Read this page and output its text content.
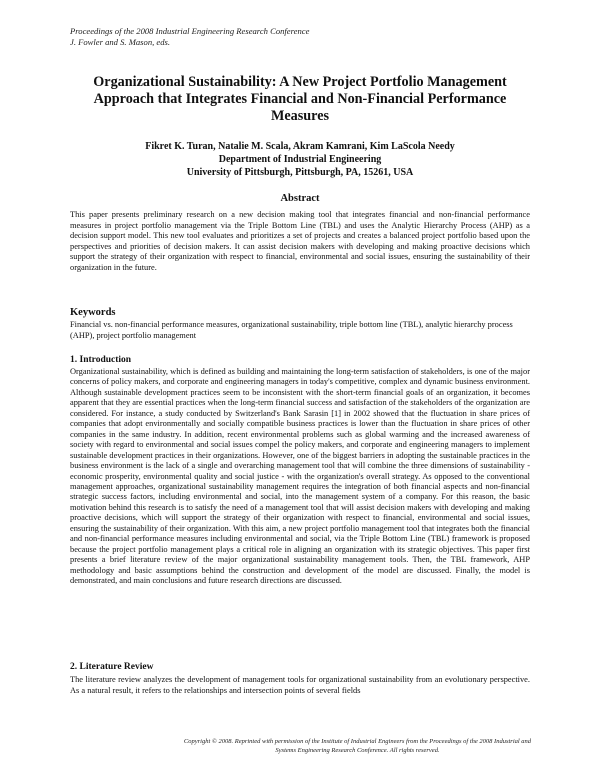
Proceedings of the 2008 Industrial Engineering Research Conference
J. Fowler and S. Mason, eds.
Organizational Sustainability: A New Project Portfolio Management Approach that Integrates Financial and Non-Financial Performance Measures
Fikret K. Turan, Natalie M. Scala, Akram Kamrani, Kim LaScola Needy
Department of Industrial Engineering
University of Pittsburgh, Pittsburgh, PA, 15261, USA
Abstract

This paper presents preliminary research on a new decision making tool that integrates financial and non-financial performance measures in project portfolio management via the Triple Bottom Line (TBL) and uses the Analytic Hierarchy Process (AHP) as a decision support model. This new tool evaluates and prioritizes a set of projects and creates a balanced project portfolio based upon the perspectives and priorities of decision makers. It can assist decision makers with developing and making proactive decisions which support the strategy of their organization with respect to financial, environmental and social issues, ensuring the sustainability of their organization in the future.

Keywords

Financial vs. non-financial performance measures, organizational sustainability, triple bottom line (TBL), analytic hierarchy process (AHP), project portfolio management

1. Introduction

Organizational sustainability, which is defined as building and maintaining the long-term satisfaction of stakeholders, is one of the major concerns of policy makers, and corporate and engineering managers in today's competitive, complex and dynamic business environment. Although sustainable development practices seem to be inconsistent with the short-term financial goals of an organization, it becomes apparent that they are essential practices when the long-term financial success and satisfaction of the stakeholders of the organization are considered. For instance, a study conducted by Switzerland's Bank Sarasin [1] in 2002 showed that the fluctuation in share prices of companies that adopt environmentally and socially compatible business practices is lower than the fluctuation in share prices of other companies in the same industry. In addition, recent environmental problems such as global warming and the increased awareness of society with regard to environmental and social issues compel the policy makers, and corporate and engineering managers to implement sustainable development practices in their organizations. However, one of the biggest barriers in adopting the sustainable practices in the business environment is the lack of a single and overarching management tool that will combine the three dimensions of sustainability - economic prosperity, environmental quality and social justice - with the organization's overall strategy. As opposed to the conventional management approaches, organizational sustainability management requires the integration of both financial aspects and non-financial strategic success factors, including environmental and social, into the management system of a company. For this reason, the basic motivation behind this research is to satisfy the need of a management tool that will assist decision makers with developing and making proactive decisions, which will support the strategy of their organization with respect to financial, environmental and social issues, ensuring the sustainability of their organization. With this aim, a new project portfolio management tool that integrates both the financial and non-financial performance measures including environmental and social, via the Triple Bottom Line (TBL) framework is proposed because the project portfolio management plays a critical role in aligning an organization with its strategic objectives. This paper first presents a brief literature review of the major organizational sustainability management tools. Then, the TBL framework, AHP methodology and basic assumptions behind the construction and development of the model are discussed. Finally, the model is demonstrated, and main conclusions and future research directions are discussed.

2. Literature Review

The literature review analyzes the development of management tools for organizational sustainability from an evolutionary perspective. As a natural result, it refers to the relationships and intersection points of several fields

Copyright © 2008. Reprinted with permission of the Institute of Industrial Engineers from the Proceedings of the 2008 Industrial and Systems Engineering Research Conference. All rights reserved.
